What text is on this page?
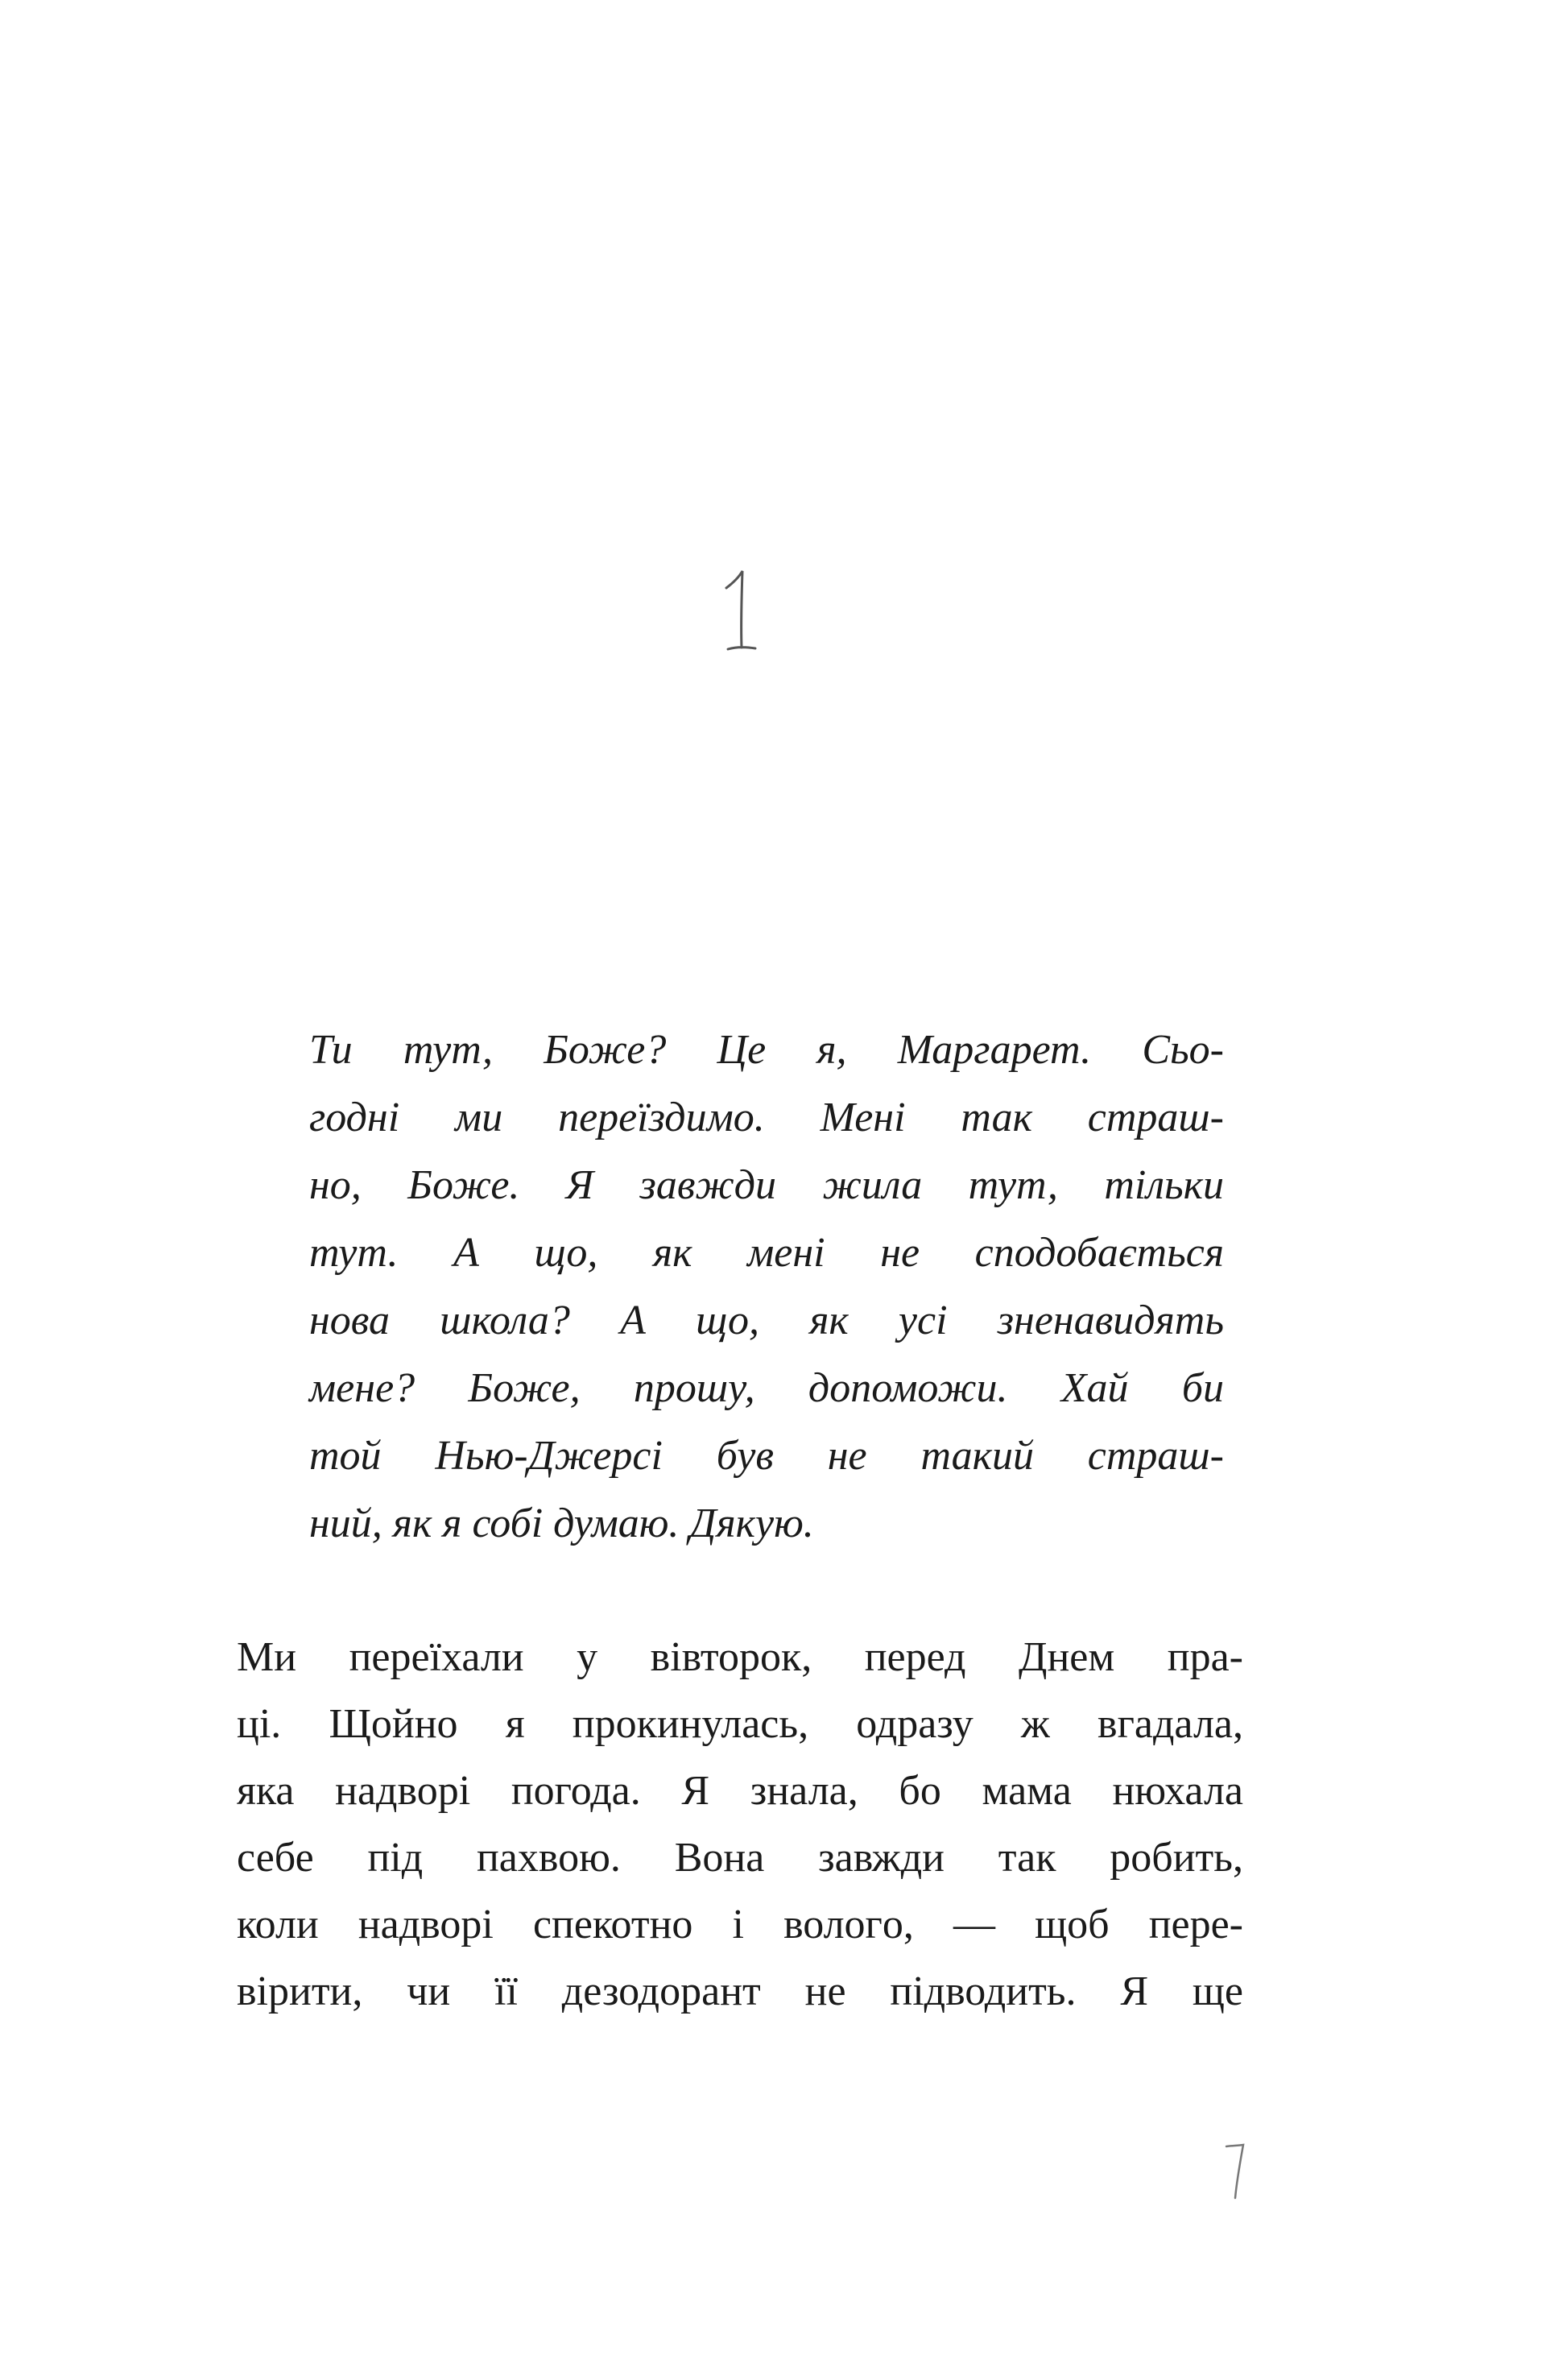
Ти тут, Боже? Це я, Маргарет. Сьо-
годні ми переїздимо. Мені так страш-
но, Боже. Я завжди жила тут, тільки
тут. А що, як мені не сподобається
нова школа? А що, як усі зненавидять
мене? Боже, прошу, допоможи. Хай би
той Нью-Джерсі був не такий страш-
ний, як я собі думаю. Дякую.
Ми переїхали у вівторок, перед Днем пра-
ці. Щойно я прокинулась, одразу ж вгадала,
яка надворі погода. Я знала, бо мама нюхала
себе під пахвою. Вона завжди так робить,
коли надворі спекотно і вологo, — щоб пере-
вірити, чи її дезодорант не підводить. Я ще
